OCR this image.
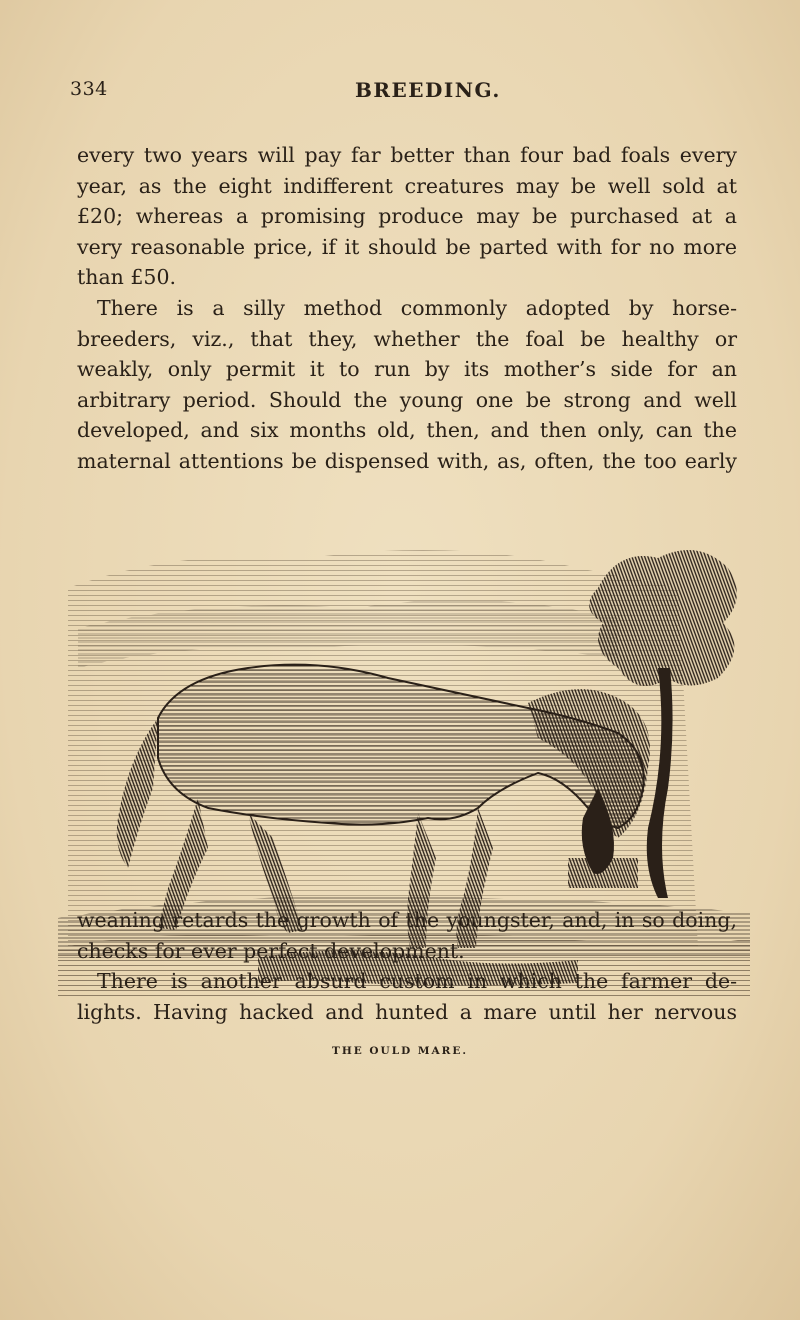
334	BREEDING.
every two years will pay far better than four bad foals every
year, as the eight indifferent creatures may be well sold at
£20; whereas a promising produce may be purchased at a
very reasonable price, if it should be parted with for no more
than £50.
There is a silly method commonly adopted by horse-
breeders, viz., that they, whether the foal be healthy or
weakly, only permit it to run by its mother’s side for an
arbitrary period. Should the young one be strong and well
developed, and six months old, then, and then only, can the
maternal attentions be dispensed with, as, often, the too early
THE OULD MARE.
weaning retards the growth of the youngster, and, in so doing,
checks for ever perfect development.
There is another absurd custom in which the farmer de-
lights. Having hacked and hunted a mare until her nervous
